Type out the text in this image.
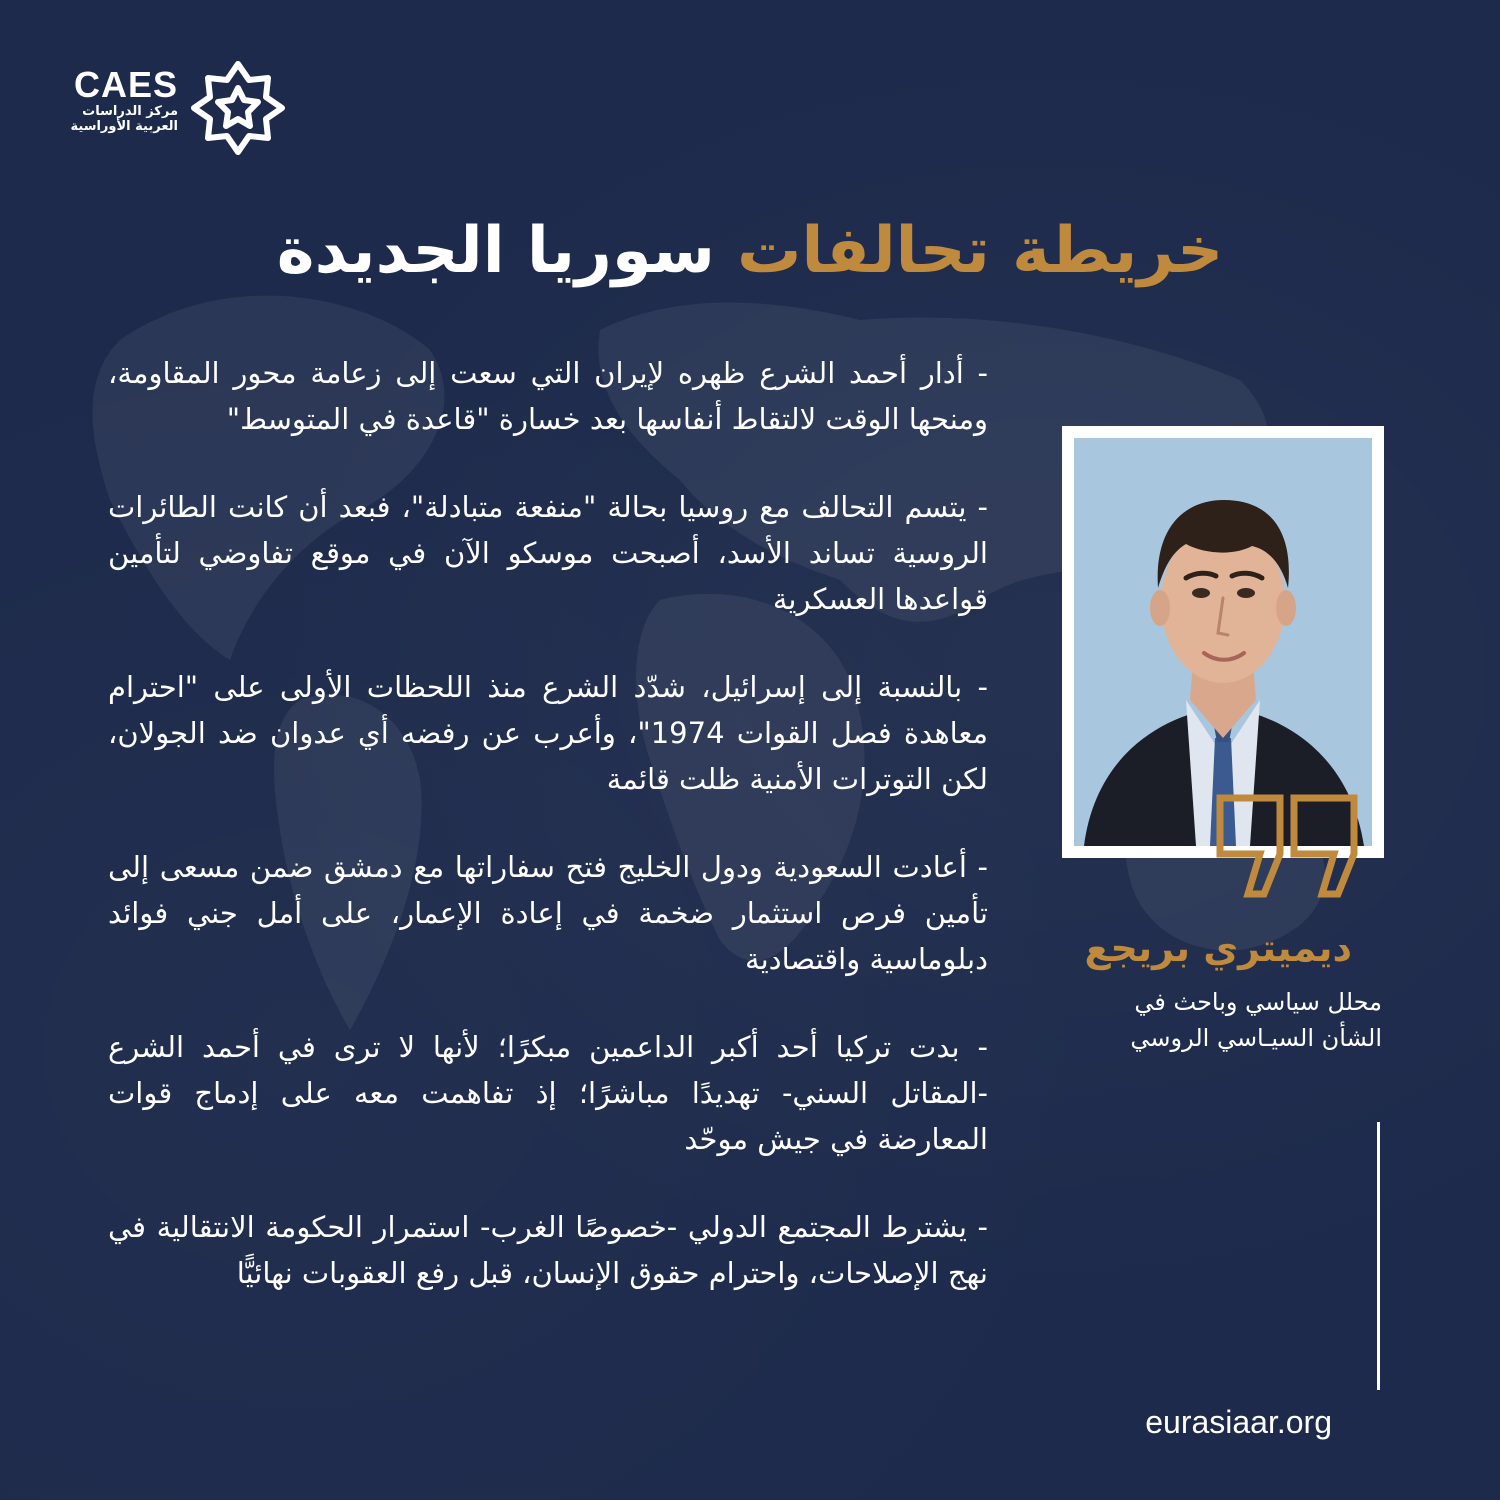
CAES
مركز الدراسات
العربية الأوراسية
خريطة تحالفات سوريا الجديدة

- أدار أحمد الشرع ظهره لإيران التي سعت إلى زعامة محور المقاومة، ومنحها الوقت لالتقاط أنفاسها بعد خسارة "قاعدة في المتوسط"

- يتسم التحالف مع روسيا بحالة "منفعة متبادلة"، فبعد أن كانت الطائرات الروسية تساند الأسد، أصبحت موسكو الآن في موقع تفاوضي لتأمين قواعدها العسكرية

- بالنسبة إلى إسرائيل، شدّد الشرع منذ اللحظات الأولى على "احترام معاهدة فصل القوات 1974"، وأعرب عن رفضه أي عدوان ضد الجولان، لكن التوترات الأمنية ظلت قائمة

- أعادت السعودية ودول الخليج فتح سفاراتها مع دمشق ضمن مسعى إلى تأمين فرص استثمار ضخمة في إعادة الإعمار، على أمل جني فوائد دبلوماسية واقتصادية

- بدت تركيا أحد أكبر الداعمين مبكرًا؛ لأنها لا ترى في أحمد الشرع -المقاتل السني- تهديدًا مباشرًا؛ إذ تفاهمت معه على إدماج قوات المعارضة في جيش موحّد

- يشترط المجتمع الدولي -خصوصًا الغرب- استمرار الحكومة الانتقالية في نهج الإصلاحات، واحترام حقوق الإنسان، قبل رفع العقوبات نهائيًّا

ديميتري بريجع
محلل سياسي وباحث في
الشأن السيـاسي الروسي
eurasiaar.org
